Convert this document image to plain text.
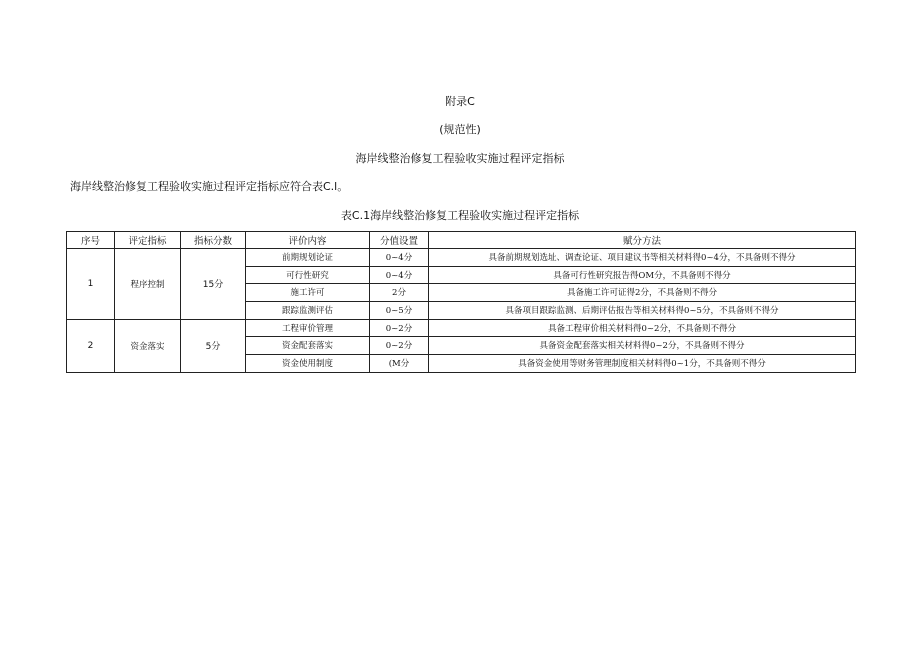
附录C
(规范性)
海岸线整治修复工程验收实施过程评定指标
海岸线整治修复工程验收实施过程评定指标应符合表C.l。
表C.1海岸线整治修复工程验收实施过程评定指标
序号	评定指标	指标分数	评价内容	分值设置	赋分方法
1	程序控制	15分	前期规划论证	0~4分	具备前期规划选址、调查论证、项目建议书等相关材料得0~4分，不具备则不得分
			可行性研究	0~4分	具备可行性研究报告得OM分，不具备则不得分
			施工许可	2分	具备施工许可证得2分，不具备则不得分
			跟踪监测评估	0~5分	具备项目跟踪监测、后期评估报告等相关材料得0~5分，不具备则不得分
2	资金落实	5分	工程审价管理	0~2分	具备工程审价相关材料得0~2分，不具备则不得分
			资金配套落实	0~2分	具备资金配套落实相关材料得0~2分，不具备则不得分
			资金使用制度	(M分	具备资金使用等财务管理制度相关材料得0~1分，不具备则不得分
